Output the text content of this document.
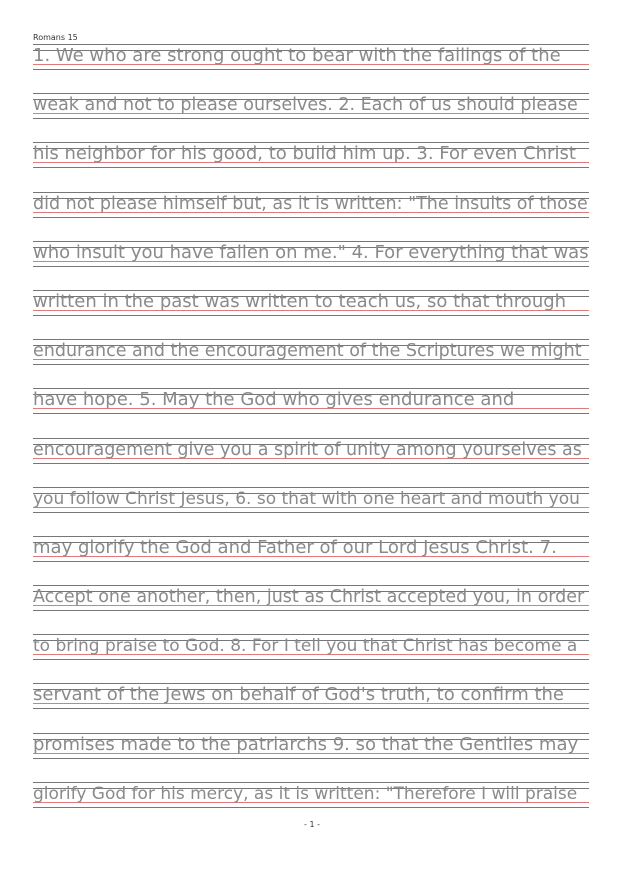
Romans 15
1. We who are strong ought to bear with the failings of the
weak and not to please ourselves. 2. Each of us should please
his neighbor for his good, to build him up. 3. For even Christ
did not please himself but, as it is written: "The insults of those
who insult you have fallen on me." 4. For everything that was
written in the past was written to teach us, so that through
endurance and the encouragement of the Scriptures we might
have hope. 5. May the God who gives endurance and
encouragement give you a spirit of unity among yourselves as
you follow Christ Jesus, 6. so that with one heart and mouth you
may glorify the God and Father of our Lord Jesus Christ. 7.
Accept one another, then, just as Christ accepted you, in order
to bring praise to God. 8. For I tell you that Christ has become a
servant of the Jews on behalf of God's truth, to confirm the
promises made to the patriarchs 9. so that the Gentiles may
glorify God for his mercy, as it is written: "Therefore I will praise
- 1 -
